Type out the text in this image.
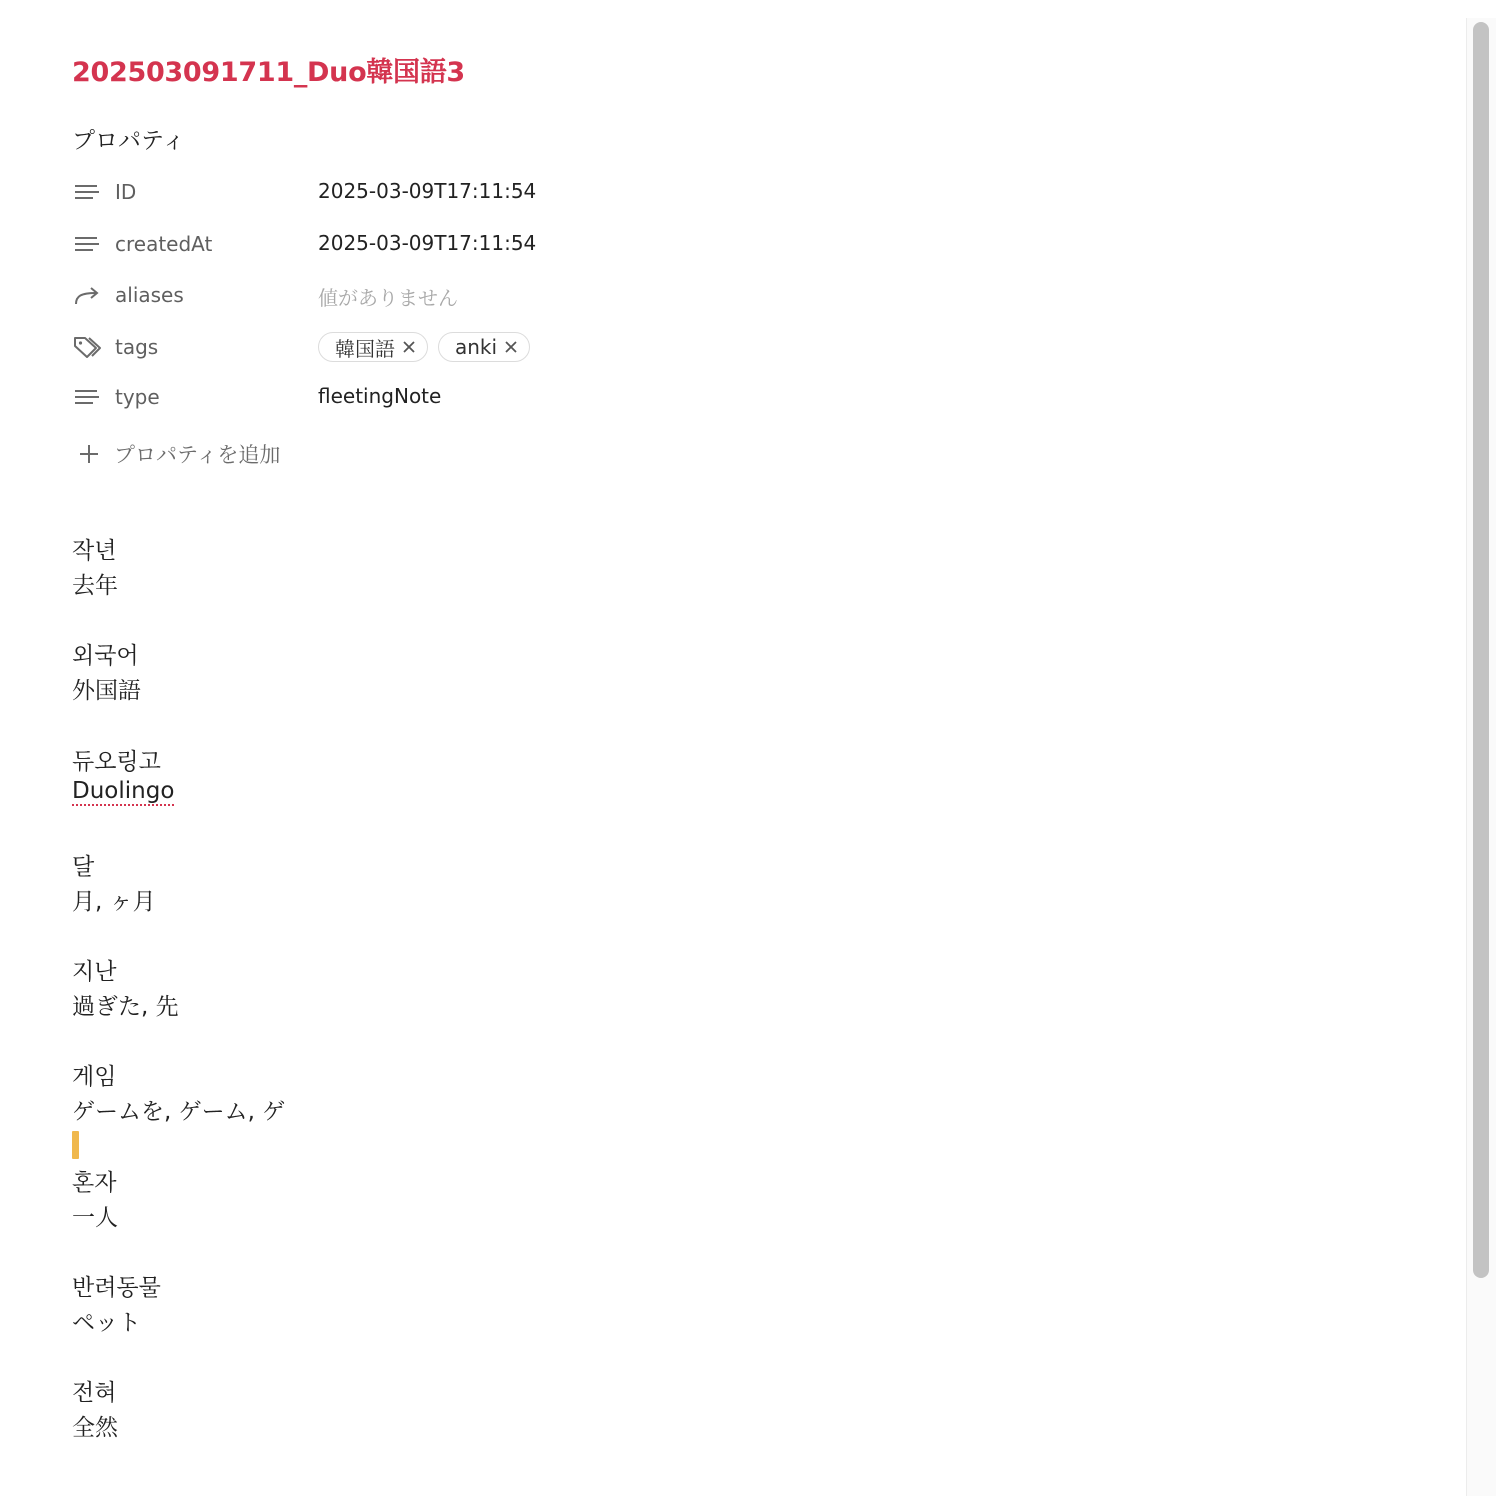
202503091711_Duo韓国語3
プロパティ
ID	2025-03-09T17:11:54
createdAt	2025-03-09T17:11:54
aliases	値がありません
tags	韓国語	anki
type	fleetingNote
プロパティを追加
작년
去年
외국어
外国語
듀오링고
Duolingo
달
月, ヶ月
지난
過ぎた, 先
게임
ゲームを, ゲーム, ゲ
혼자
一人
반려동물
ペット
전혀
全然
